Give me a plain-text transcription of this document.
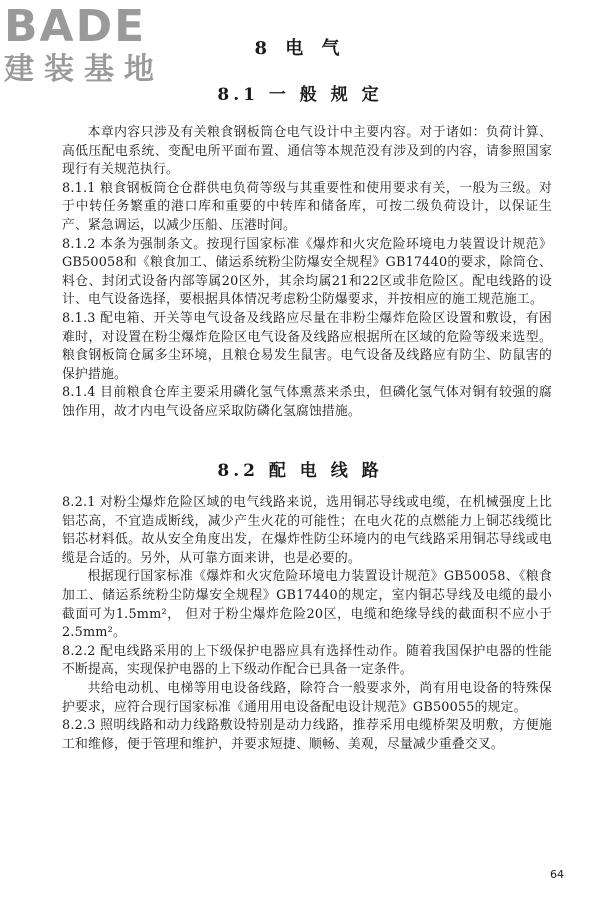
BADE
建装基地
8 电 气
8.1 一 般 规 定

本章内容只涉及有关粮食钢板筒仓电气设计中主要内容。对于诸如：负荷计算、高低压配电系统、变配电所平面布置、通信等本规范没有涉及到的内容，请参照国家现行有关规范执行。

8.1.1 粮食钢板筒仓仓群供电负荷等级与其重要性和使用要求有关，一般为三级。对于中转任务繁重的港口库和重要的中转库和储备库，可按二级负荷设计，以保证生产、紧急调运，以减少压船、压港时间。

8.1.2 本条为强制条文。按现行国家标准《爆炸和火灾危险环境电力装置设计规范》GB50058和《粮食加工、储运系统粉尘防爆安全规程》GB17440的要求，除筒仓、料仓、封闭式设备内部等属20区外，其余均属21和22区或非危险区。配电线路的设计、电气设备选择，要根据具体情况考虑粉尘防爆要求，并按相应的施工规范施工。

8.1.3 配电箱、开关等电气设备及线路应尽量在非粉尘爆炸危险区设置和敷设，有困难时，对设置在粉尘爆炸危险区电气设备及线路应根据所在区域的危险等级来选型。粮食钢板筒仓属多尘环境，且粮仓易发生鼠害。电气设备及线路应有防尘、防鼠害的保护措施。

8.1.4 目前粮食仓库主要采用磷化氢气体熏蒸来杀虫，但磷化氢气体对铜有较强的腐蚀作用，故才内电气设备应采取防磷化氢腐蚀措施。

8.2 配 电 线 路

8.2.1 对粉尘爆炸危险区域的电气线路来说，选用铜芯导线或电缆，在机械强度上比铝芯高，不宜造成断线，减少产生火花的可能性；在电火花的点燃能力上铜芯线缆比铝芯材料低。故从安全角度出发，在爆炸性防尘环境内的电气线路采用铜芯导线或电缆是合适的。另外，从可靠方面来讲，也是必要的。

根据现行国家标准《爆炸和火灾危险环境电力装置设计规范》GB50058、《粮食加工、储运系统粉尘防爆安全规程》GB17440的规定，室内铜芯导线及电缆的最小截面可为1.5mm²， 但对于粉尘爆炸危险20区，电缆和绝缘导线的截面积不应小于2.5mm²。

8.2.2 配电线路采用的上下级保护电器应具有选择性动作。随着我国保护电器的性能不断提高，实现保护电器的上下级动作配合已具备一定条件。

共给电动机、电梯等用电设备线路，除符合一般要求外，尚有用电设备的特殊保护要求，应符合现行国家标准《通用用电设备配电设计规范》GB50055的规定。

8.2.3 照明线路和动力线路敷设特别是动力线路，推荐采用电缆桥架及明敷，方便施工和维修，便于管理和维护，并要求短捷、顺畅、美观，尽量减少重叠交叉。

64
